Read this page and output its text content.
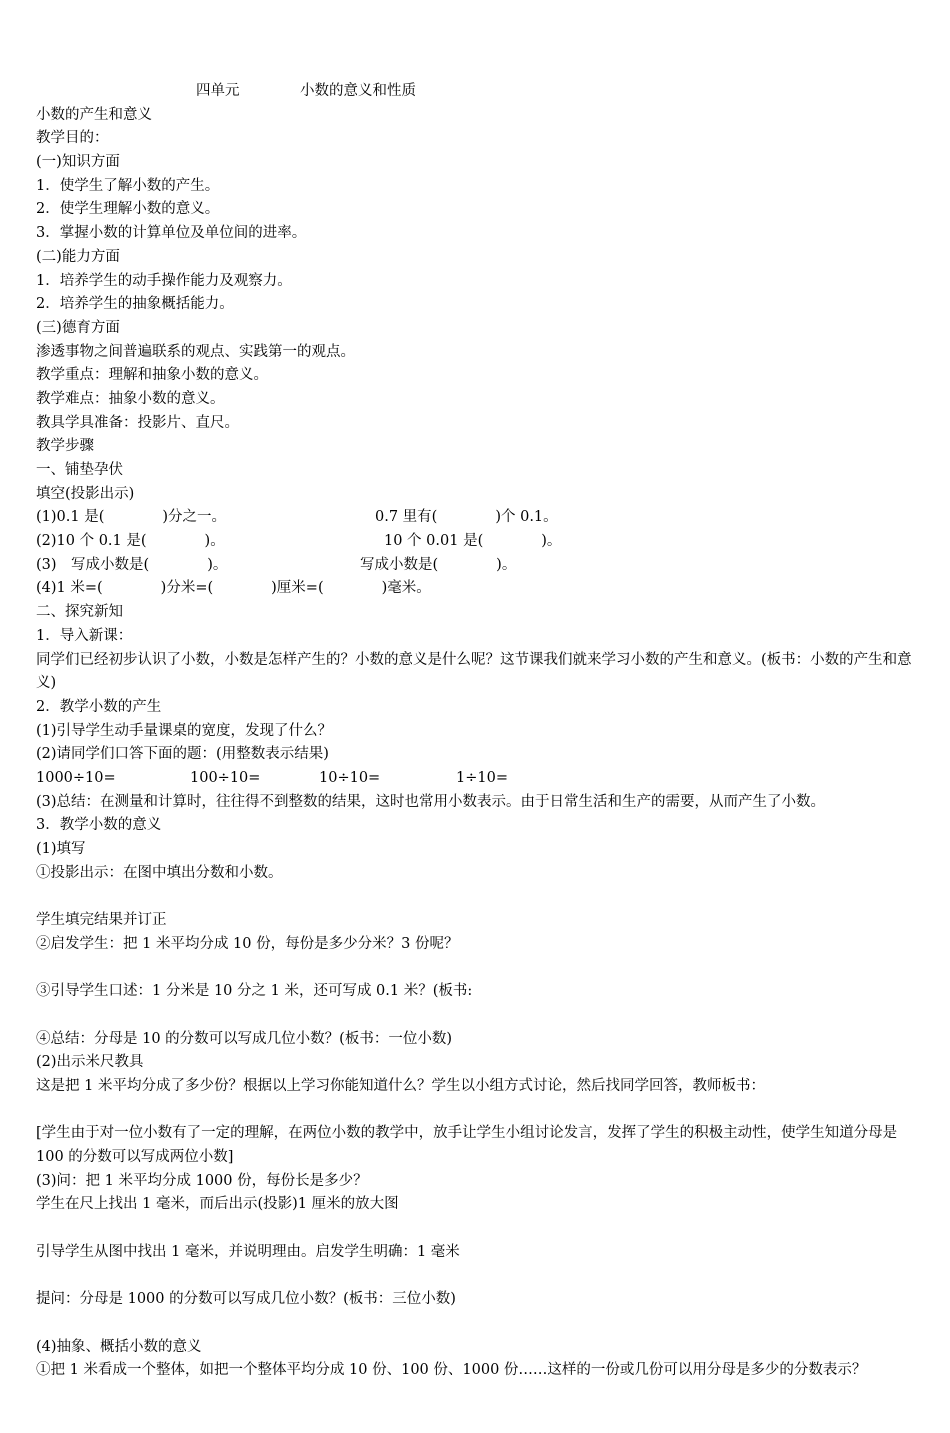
四单元	小数的意义和性质
小数的产生和意义
教学目的：
(一)知识方面
1．使学生了解小数的产生。
2．使学生理解小数的意义。
3．掌握小数的计算单位及单位间的进率。
(二)能力方面
1．培养学生的动手操作能力及观察力。
2．培养学生的抽象概括能力。
(三)德育方面
渗透事物之间普遍联系的观点、实践第一的观点。
教学重点：理解和抽象小数的意义。
教学难点：抽象小数的意义。
教具学具准备：投影片、直尺。
教学步骤
一、铺垫孕伏
填空(投影出示)
(1)0.1 是(　　　　)分之一。	0.7 里有(　　　　)个 0.1。
(2)10 个 0.1 是(　　　　)。	10 个 0.01 是(　　　　)。
(3)　写成小数是(　　　　)。	写成小数是(　　　　)。
(4)1 米=(　　　　)分米=(　　　　)厘米=(　　　　)毫米。
二、探究新知
1．导入新课：
同学们已经初步认识了小数，小数是怎样产生的？小数的意义是什么呢？这节课我们就来学习小数的产生和意义。(板书：小数的产生和意义)
2．教学小数的产生
(1)引导学生动手量课桌的宽度，发现了什么？
(2)请同学们口答下面的题：(用整数表示结果)
1000÷10=	100÷10=	10÷10=	1÷10=
(3)总结：在测量和计算时，往往得不到整数的结果，这时也常用小数表示。由于日常生活和生产的需要，从而产生了小数。
3．教学小数的意义
(1)填写
①投影出示：在图中填出分数和小数。
学生填完结果并订正
②启发学生：把 1 米平均分成 10 份，每份是多少分米？3 份呢？
③引导学生口述：1 分米是 10 分之 1 米，还可写成 0.1 米？(板书:
④总结：分母是 10 的分数可以写成几位小数？(板书：一位小数)
(2)出示米尺教具
这是把 1 米平均分成了多少份？根据以上学习你能知道什么？学生以小组方式讨论，然后找同学回答，教师板书：
[学生由于对一位小数有了一定的理解，在两位小数的教学中，放手让学生小组讨论发言，发挥了学生的积极主动性，使学生知道分母是 100 的分数可以写成两位小数]
(3)问：把 1 米平均分成 1000 份，每份长是多少？
学生在尺上找出 1 毫米，而后出示(投影)1 厘米的放大图
引导学生从图中找出 1 毫米，并说明理由。启发学生明确：1 毫米
提问：分母是 1000 的分数可以写成几位小数？(板书：三位小数)
(4)抽象、概括小数的意义
①把 1 米看成一个整体，如把一个整体平均分成 10 份、100 份、1000 份……这样的一份或几份可以用分母是多少的分数表示？
